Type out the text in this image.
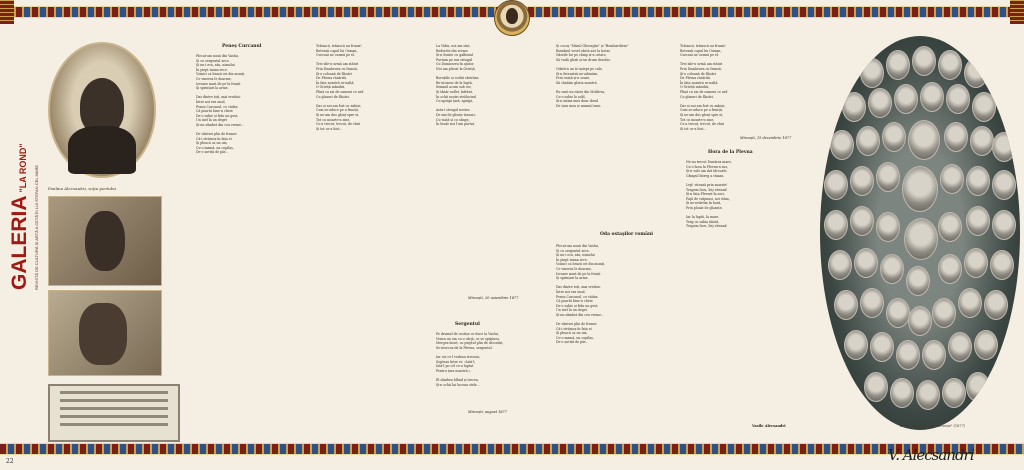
GALERIA"LA ROND"	REVISTĂ DE CULTURĂ ȘI ARTĂ A CETĂȚII LUI STEFAN CEL MARE Paulina Alecsandri, soţia poetului
Peneș Curcanul
Plecat-am nouă din Vaslui,
Și cu sergentul zece,
Și nu-i era, zău, nimului
În piept inima rece.
Voinici ca brazii cei din munți,
Ce vinerea le doarme,
Izvoare mari de pe la frunți
Și sprințari la arme.

Dar dintre toți, mai vrednic
Între noi era unul,
Peneș Curcanul, ce vădea
Că poartă bine-n cheie
De-o sabie și frâu un gest,
Un inel la un deget
Și-un zâmbet din cea vreme...

De vânturi plin de frunze
Că-i strămoș în fața ei
Și pleacă ca un om,
Cu-o mamă, un copilaș,
De-o șuviță de păr...
Trăiască, trăiască nu frunzi!
Retezați capul lui Osman,
Curcani ne curmă pe el.

Trei zile-n urmă am stătut
Prin Dumbrava cu frunză,
Și-o coloană de flăcări
De Plevna răsărită.
În fața noastră se-nalță
O Griviță mândră,
Plină cu rai de oameni ce ard
Cu glasuri de flăcări.

Dar și noi am fost cu mânie,
Cum se-aduce pe a frunții,
Și ne-am dus glonț spre ei,
Tot cu moarte-n sine,
Ce-a trecut, trecut, de vânt
Și tot ce-a fost...
La Vidin, noi am stat,
Redutele din vreme
Și-n frunte cu galbenul
Purtam pe sus steagul
Cu Dumnezeu în ajutor,
Noi am plecat la Griviță.

Boruțiile și corbii răstrâns
Re-ntoarse de la luptă,
Semnul acum sub cer,
Și tânăr suflet, înfrânt,
În ochii noștri strălucind
Cu aprigă țară, aprigă,

Asta-i steagul nostru
De mii de glonțe trasuri,
Cu viață și cu sânge,
În brațe noi l-am purtat.
Mircești, august 1877
Mircești, 20 noiembrie 1877
Sergentul
Pe drumul de costișe ce duce la Vaslui,
Venea un om cu o cârjă, ce se sprijinea,
Mergea încet, cu pieptul plin de decorări,
Se-ntorcea de la Plevna, sergentul.

Iar cei ce-l vedeau treceau,
Șopteau între ei: «Iată-l,
Iată-l pe cel ce-a luptat
Pentru țara noastră.»

El zâmbea blând și trecea,
Și-n ochii lui luceau stele...
Și cocoș "Mărul Gheorghe" și "Bombardiera"
Românul vesel cântă aici la hotar,
Gărzile lor pe câmp și-n cetate,
Să vadă glorii și-un drum deschis.

Odată-n an te-aștept pe cale,
Și-n fereastră ne-adunăm,
Prin ceață și-n soare,
Să cântăm gloria noastră.

Eu sunt un răzeș din Moldova,
Cu-o sabie la șold,
Și-n inima mea doar dorul
De țara mea și neamul meu.
Oda ostaşilor români
Plecat-am nouă din Vaslui,
Și cu sergentul zece,
Și nu-i era, zău, nimului
În piept inima rece.
Voinici ca brazii cei din munți,
Ce vinerea le doarme,
Izvoare mari de pe la frunți
Și sprințari la arme.

Dar dintre toți, mai vrednic
Între noi era unul,
Peneș Curcanul, ce vădea
Că poartă bine-n cheie
De-o sabie și frâu un gest,
Un inel la un deget
Și-un zâmbet din cea vreme...

De vânturi plin de frunze
Că-i strămoș în fața ei
Și pleacă ca un om,
Cu-o mamă, un copilaș,
De-o șuviță de păr...
Trăiască, trăiască nu frunzi!
Retezați capul lui Osman,
Curcani ne curmă pe el.

Trei zile-n urmă am stătut
Prin Dumbrava cu frunză,
Și-o coloană de flăcări
De Plevna răsărită.
În fața noastră se-nalță
O Griviță mândră,
Plină cu rai de oameni ce ard
Cu glasuri de flăcări.

Dar și noi am fost cu mânie,
Cum se-aduce pe a frunții,
Și ne-am dus glonț spre ei,
Tot cu moarte-n sine,
Ce-a trecut, trecut, de vânt
Și tot ce-a fost...
Mircești, 15 decembrie 1877
Hora de la Plevna
Ne-au trecut Dunărea mare,
Cu-o hora la Plevna-n sus,
Și-n vale am dat târcoale,
Câmpul întreg a rămas.

Leţi! vitează prin moarte!
Tragem focu, leţi vitează!
Și-n fața Plevnei în zori,
Faţă de vrăjmași, noi stăm,
Și ne-nvârtim în horă,
Prin ploaie de gloanțe.

Iar la luptă, la mare,
Trag cu sabia tăiată,
Tragem focu, leţi vitează!
Vasile Alecsandri	Suvenirea Bersanti „Levenie" (1877)
V. Alecsandri
22
